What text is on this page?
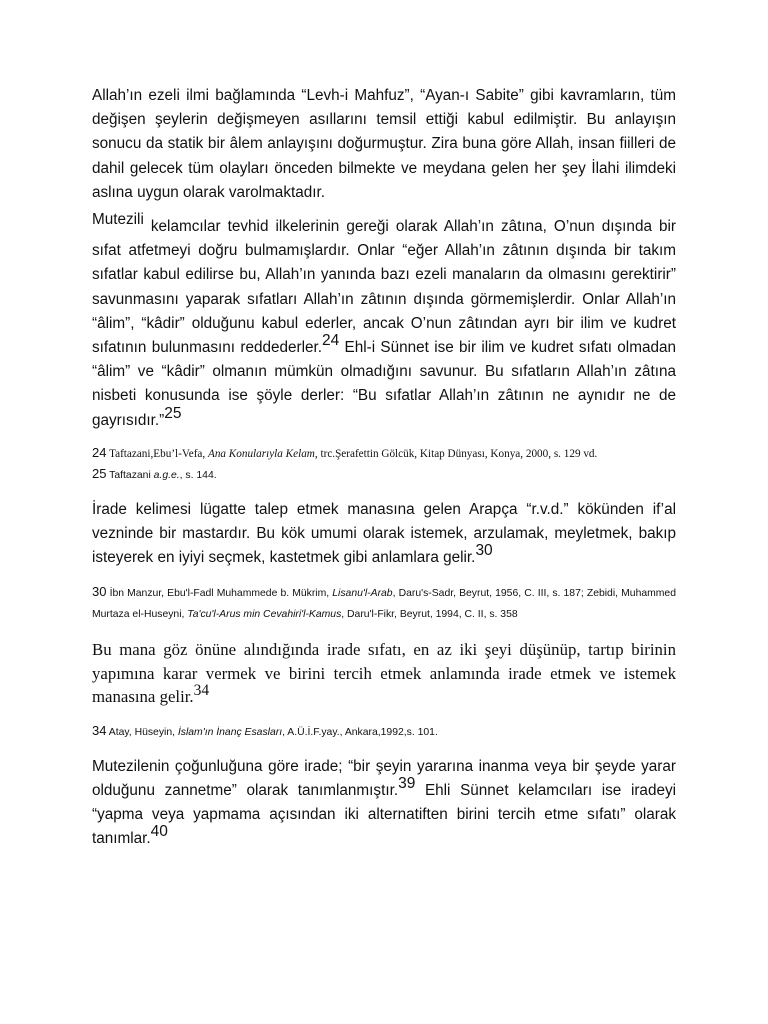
Allah’ın ezeli ilmi bağlamında “Levh-i Mahfuz”, “Ayan-ı Sabite” gibi kavramların, tüm değişen şeylerin değişmeyen asıllarını temsil ettiği kabul edilmiştir. Bu anlayışın sonucu da statik bir âlem anlayışını doğurmuştur. Zira buna göre Allah, insan fiilleri de dahil gelecek tüm olayları önceden bilmekte ve meydana gelen her şey İlahi ilimdeki aslına uygun olarak varolmaktadır.

Mutezili kelamcılar tevhid ilkelerinin gereği olarak Allah’ın zâtına, O’nun dışında bir sıfat atfetmeyi doğru bulmamışlardır. Onlar “eğer Allah’ın zâtının dışında bir takım sıfatlar kabul edilirse bu, Allah’ın yanında bazı ezeli manaların da olmasını gerektirir” savunmasını yaparak sıfatları Allah’ın zâtının dışında görmemişlerdir. Onlar Allah’ın “âlim”, “kâdir” olduğunu kabul ederler, ancak O’nun zâtından ayrı bir ilim ve kudret sıfatının bulunmasını reddederler.24 Ehl-i Sünnet ise bir ilim ve kudret sıfatı olmadan “âlim” ve “kâdir” olmanın mümkün olmadığını savunur. Bu sıfatların Allah’ın zâtına nisbeti konusunda ise şöyle derler: “Bu sıfatlar Allah’ın zâtının ne aynıdır ne de gayrısıdır.”25

24 Taftazani,Ebu’l-Vefa, Ana Konularıyla Kelam, trc.Şerafettin Gölcük, Kitap Dünyası, Konya, 2000, s. 129 vd.

25 Taftazani a.g.e., s. 144.

İrade kelimesi lügatte talep etmek manasına gelen Arapça “r.v.d.” kökünden if’al vezninde bir mastardır. Bu kök umumi olarak istemek, arzulamak, meyletmek, bakıp isteyerek en iyiyi seçmek, kastetmek gibi anlamlara gelir.30

30 İbn Manzur, Ebu'l-Fadl Muhammede b. Mükrim, Lisanu'l-Arab, Daru's-Sadr, Beyrut, 1956, C. III, s. 187; Zebidi, Muhammed Murtaza el-Huseyni, Ta'cu'l-Arus min Cevahiri'l-Kamus, Daru'l-Fikr, Beyrut, 1994, C. II, s. 358

Bu mana göz önüne alındığında irade sıfatı, en az iki şeyi düşünüp, tartıp birinin yapımına karar vermek ve birini tercih etmek anlamında irade etmek ve istemek manasına gelir.34

34 Atay, Hüseyin, İslam'ın İnanç Esasları, A.Ü.İ.F.yay., Ankara,1992,s. 101.

Mutezilenin çoğunluğuna göre irade; “bir şeyin yararına inanma veya bir şeyde yarar olduğunu zannetme” olarak tanımlanmıştır.39 Ehli Sünnet kelamcıları ise iradeyi “yapma veya yapmama açısından iki alternatiften birini tercih etme sıfatı” olarak tanımlar.40
